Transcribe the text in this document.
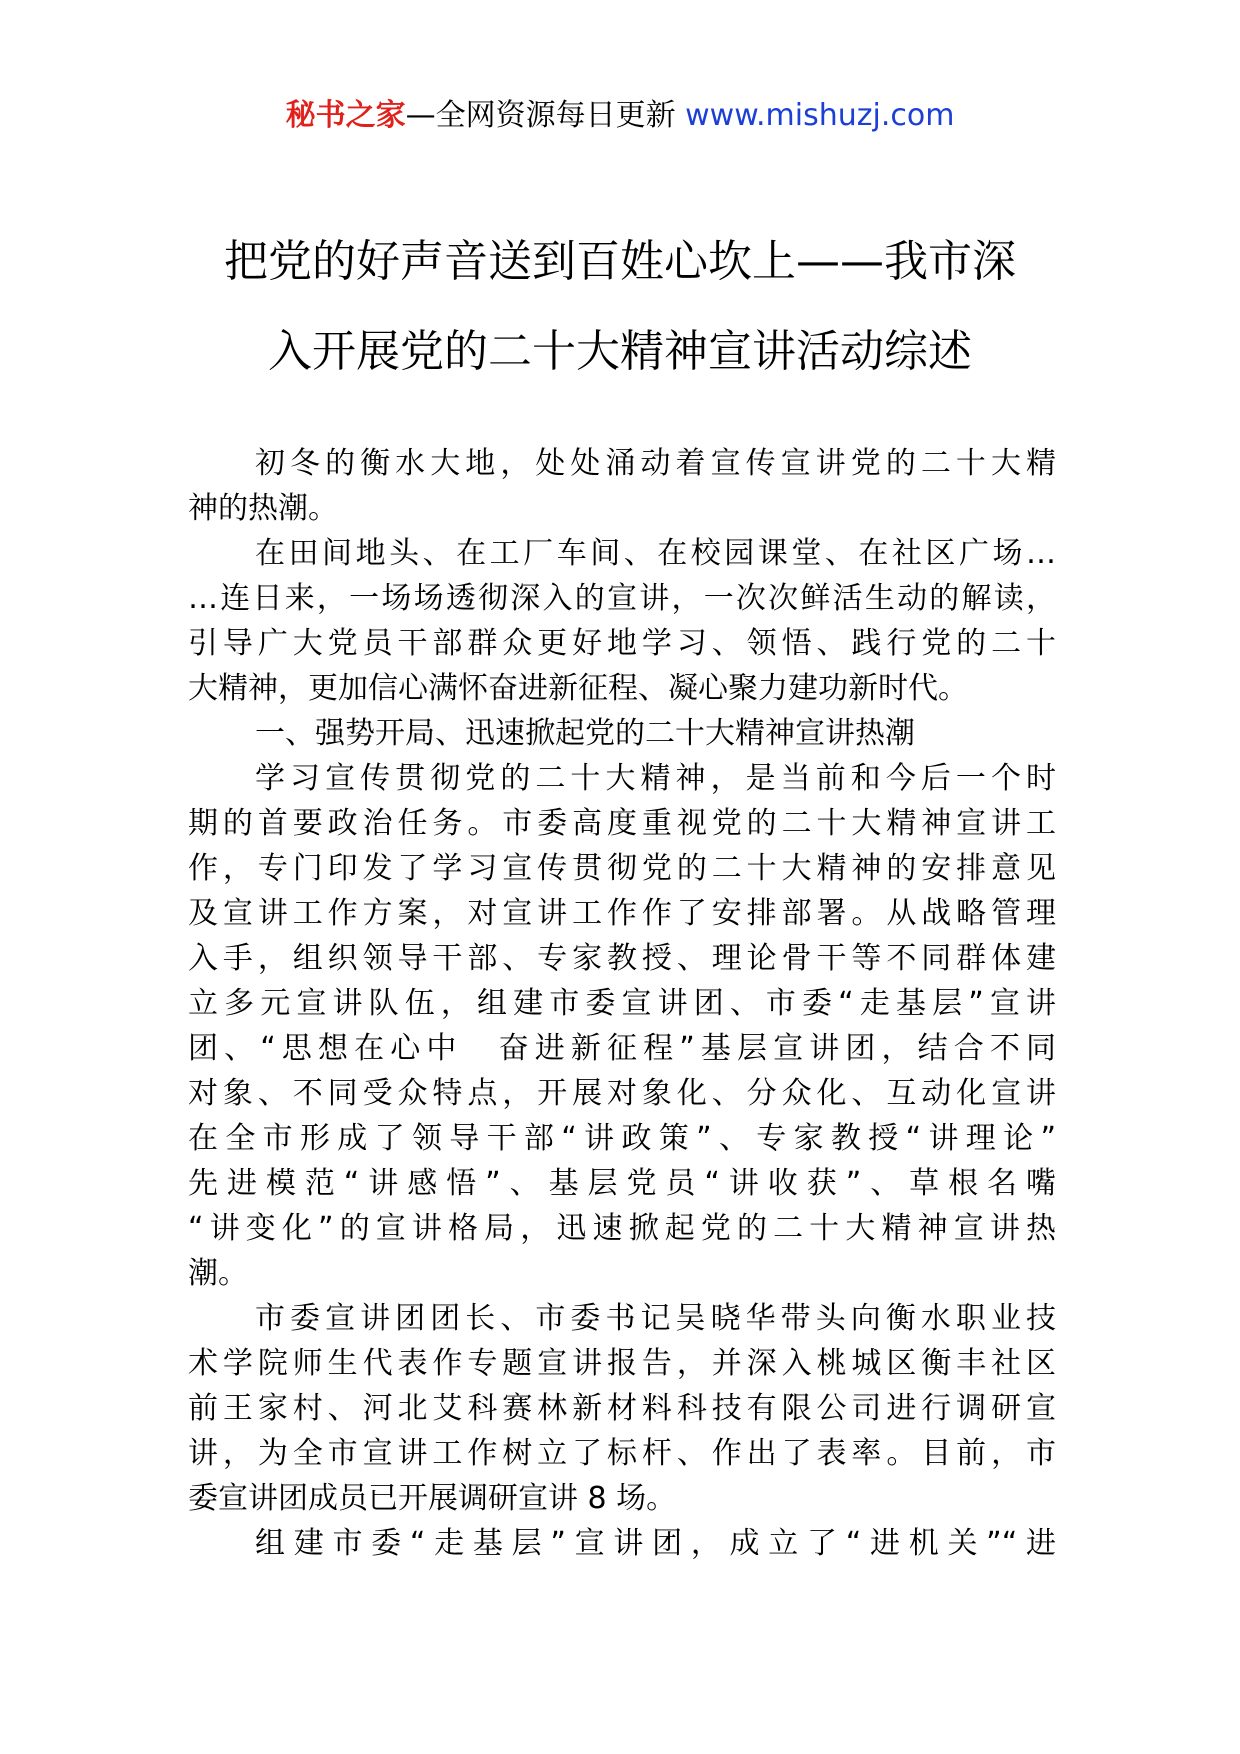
秘书之家—全网资源每日更新 www.mishuzj.com
把党的好声音送到百姓心坎上——我市深
入开展党的二十大精神宣讲活动综述
初冬的衡水大地，处处涌动着宣传宣讲党的二十大精
神的热潮。
在田间地头、在工厂车间、在校园课堂、在社区广场…
…连日来，一场场透彻深入的宣讲，一次次鲜活生动的解读，
引导广大党员干部群众更好地学习、领悟、践行党的二十
大精神，更加信心满怀奋进新征程、凝心聚力建功新时代。
一、强势开局、迅速掀起党的二十大精神宣讲热潮
学习宣传贯彻党的二十大精神，是当前和今后一个时
期的首要政治任务。市委高度重视党的二十大精神宣讲工
作，专门印发了学习宣传贯彻党的二十大精神的安排意见
及宣讲工作方案，对宣讲工作作了安排部署。从战略管理
入手，组织领导干部、专家教授、理论骨干等不同群体建
立多元宣讲队伍，组建市委宣讲团、市委“走基层”宣讲
团、“思想在心中　奋进新征程”基层宣讲团，结合不同
对象、不同受众特点，开展对象化、分众化、互动化宣讲
在全市形成了领导干部“讲政策”、专家教授“讲理论”
先进模范“讲感悟”、基层党员“讲收获”、草根名嘴
“讲变化”的宣讲格局，迅速掀起党的二十大精神宣讲热
潮。
市委宣讲团团长、市委书记吴晓华带头向衡水职业技
术学院师生代表作专题宣讲报告，并深入桃城区衡丰社区
前王家村、河北艾科赛林新材料科技有限公司进行调研宣
讲，为全市宣讲工作树立了标杆、作出了表率。目前，市
委宣讲团成员已开展调研宣讲 8 场。
组建市委“走基层”宣讲团，成立了“进机关”“进
